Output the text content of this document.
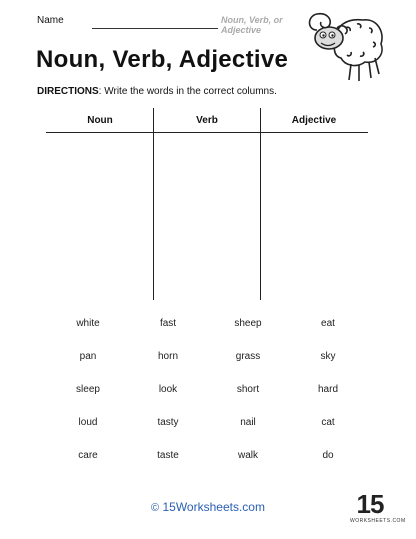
Name	Noun, Verb, or Adjective
Noun, Verb, Adjective
DIRECTIONS: Write the words in the correct columns.
Noun	Verb	Adjective
white	fast	sheep	eat
pan	horn	grass	sky
sleep	look	short	hard
loud	tasty	nail	cat
care	taste	walk	do
© 15Worksheets.com	15
WORKSHEETS.COM
